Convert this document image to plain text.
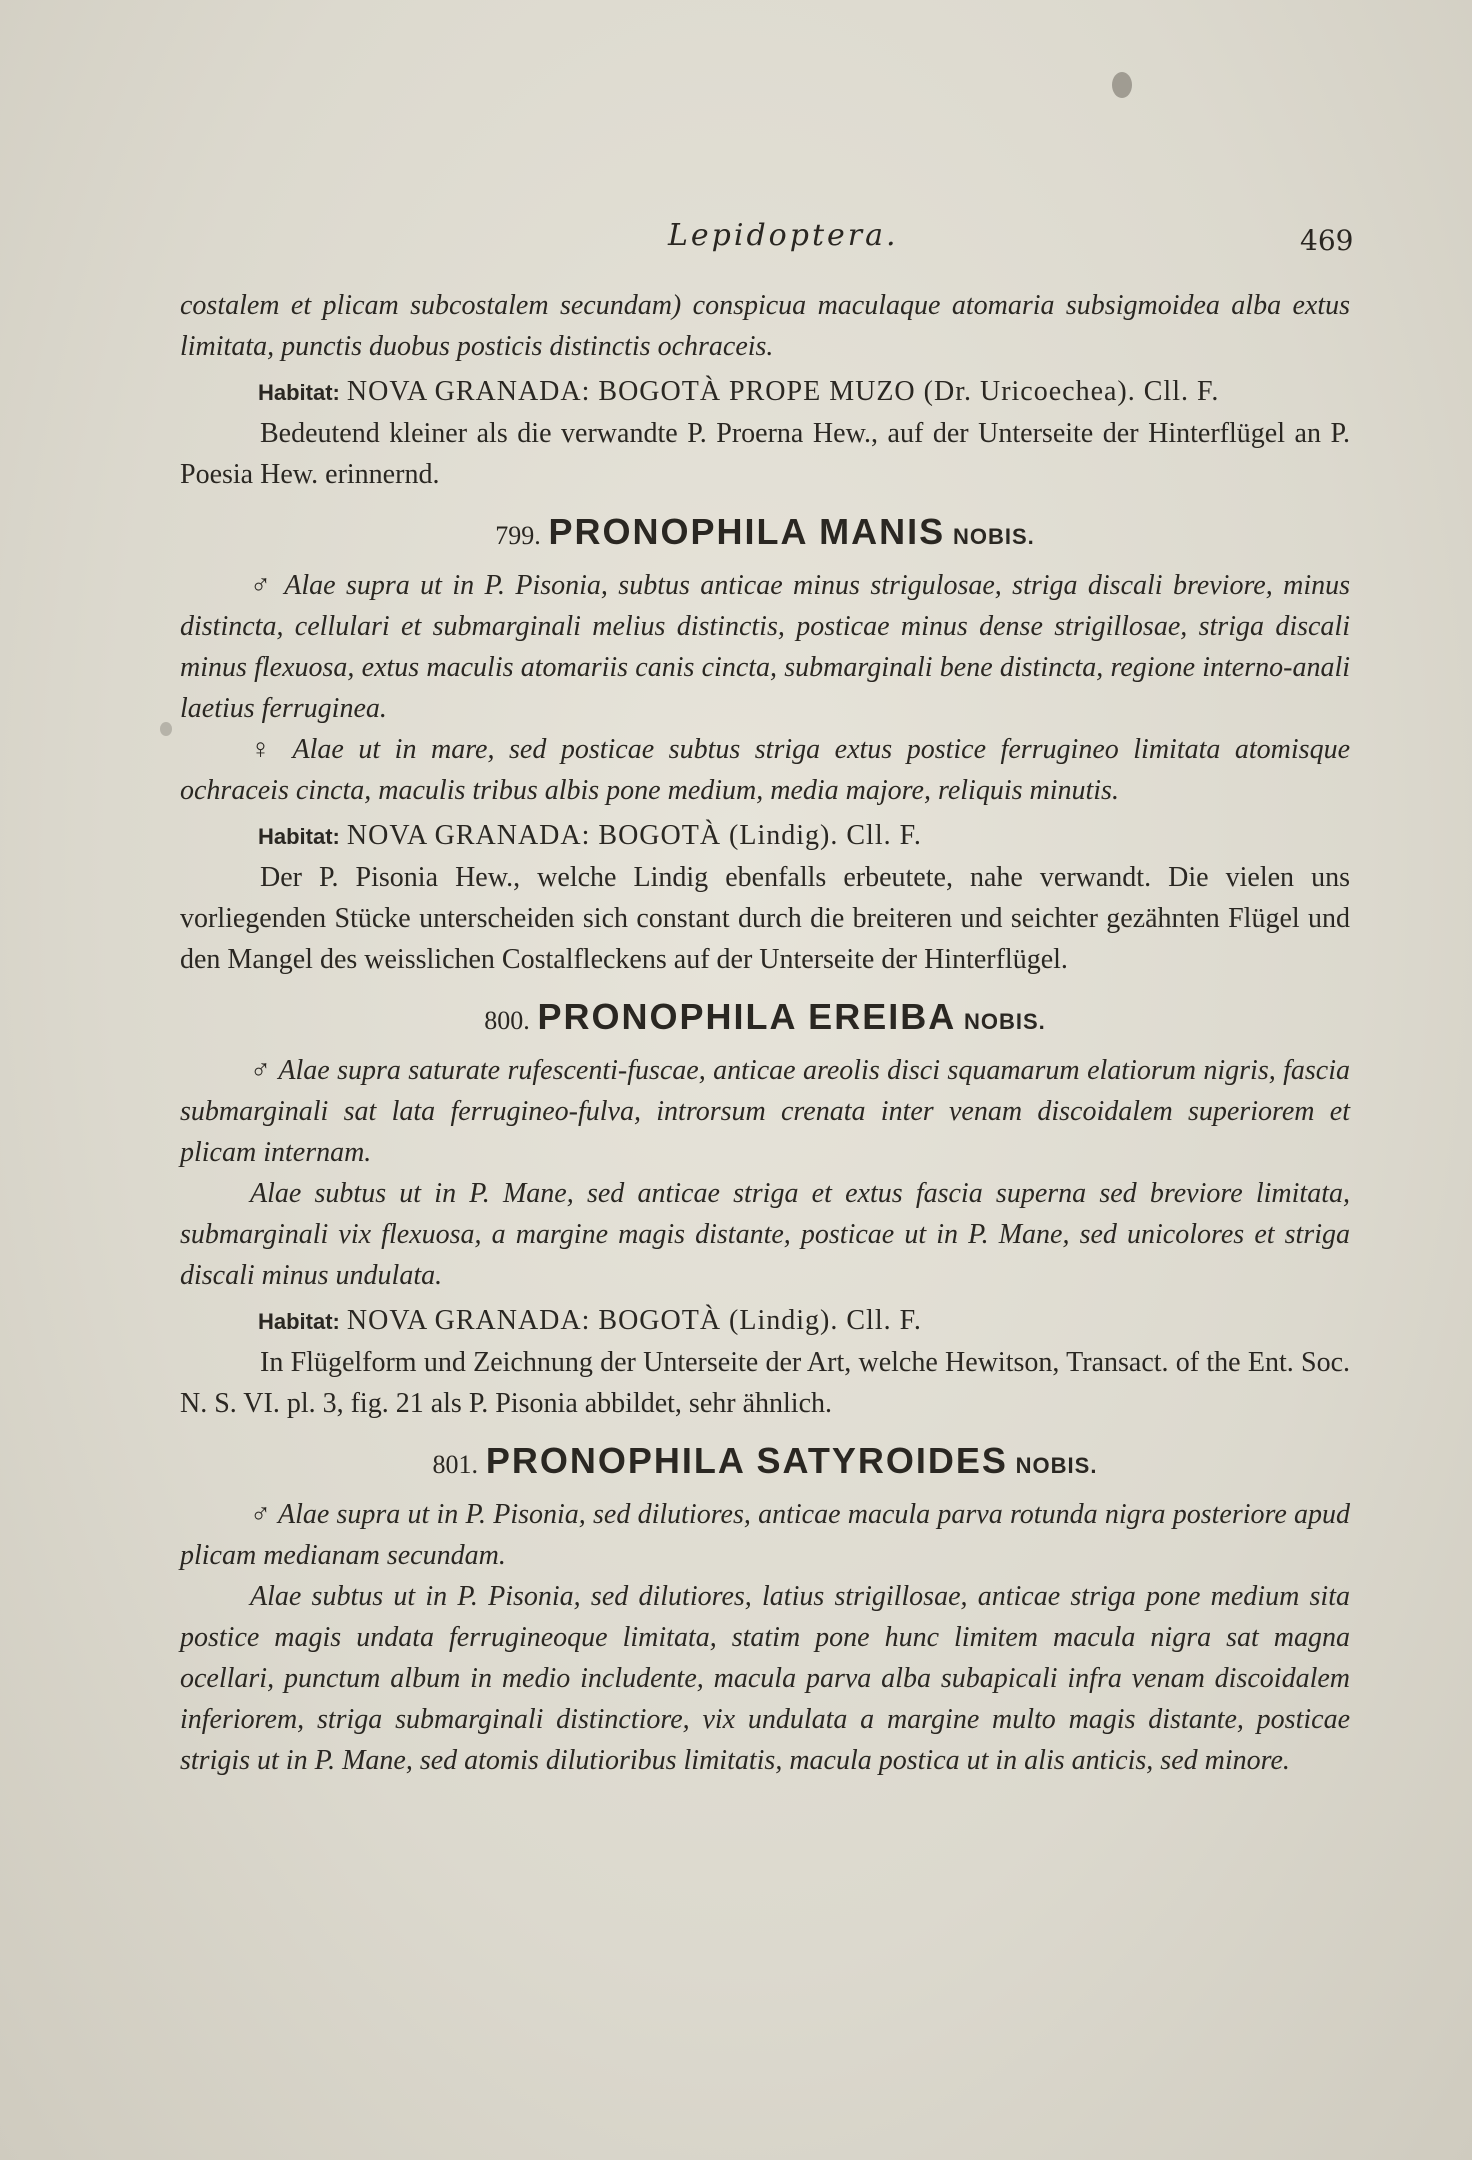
Lepidoptera.	469

costalem et plicam subcostalem secundam) conspicua maculaque atomaria subsigmoidea alba extus limitata, punctis duobus posticis distinctis ochraceis.

Habitat: NOVA GRANADA: BOGOTÀ PROPE MUZO (Dr. Uricoechea). Cll. F.

Bedeutend kleiner als die verwandte P. Proerna Hew., auf der Unterseite der Hinterflügel an P. Poesia Hew. erinnernd.

799. PRONOPHILA MANIS NOBIS.

♂ Alae supra ut in P. Pisonia, subtus anticae minus strigulosae, striga discali breviore, minus distincta, cellulari et submarginali melius distinctis, posticae minus dense strigillosae, striga discali minus flexuosa, extus maculis atomariis canis cincta, submarginali bene distincta, regione interno-anali laetius ferruginea.

♀ Alae ut in mare, sed posticae subtus striga extus postice ferrugineo limitata atomisque ochraceis cincta, maculis tribus albis pone medium, media majore, reliquis minutis.

Habitat: NOVA GRANADA: BOGOTÀ (Lindig). Cll. F.

Der P. Pisonia Hew., welche Lindig ebenfalls erbeutete, nahe verwandt. Die vielen uns vorliegenden Stücke unterscheiden sich constant durch die breiteren und seichter gezähnten Flügel und den Mangel des weisslichen Costalfleckens auf der Unterseite der Hinterflügel.

800. PRONOPHILA EREIBA NOBIS.

♂ Alae supra saturate rufescenti-fuscae, anticae areolis disci squamarum elatiorum nigris, fascia submarginali sat lata ferrugineo-fulva, introrsum crenata inter venam discoidalem superiorem et plicam internam.

Alae subtus ut in P. Mane, sed anticae striga et extus fascia superna sed breviore limitata, submarginali vix flexuosa, a margine magis distante, posticae ut in P. Mane, sed unicolores et striga discali minus undulata.

Habitat: NOVA GRANADA: BOGOTÀ (Lindig). Cll. F.

In Flügelform und Zeichnung der Unterseite der Art, welche Hewitson, Transact. of the Ent. Soc. N. S. VI. pl. 3, fig. 21 als P. Pisonia abbildet, sehr ähnlich.

801. PRONOPHILA SATYROIDES NOBIS.

♂ Alae supra ut in P. Pisonia, sed dilutiores, anticae macula parva rotunda nigra posteriore apud plicam medianam secundam.

Alae subtus ut in P. Pisonia, sed dilutiores, latius strigillosae, anticae striga pone medium sita postice magis undata ferrugineoque limitata, statim pone hunc limitem macula nigra sat magna ocellari, punctum album in medio includente, macula parva alba subapicali infra venam discoidalem inferiorem, striga submarginali distinctiore, vix undulata a margine multo magis distante, posticae strigis ut in P. Mane, sed atomis dilutioribus limitatis, macula postica ut in alis anticis, sed minore.
